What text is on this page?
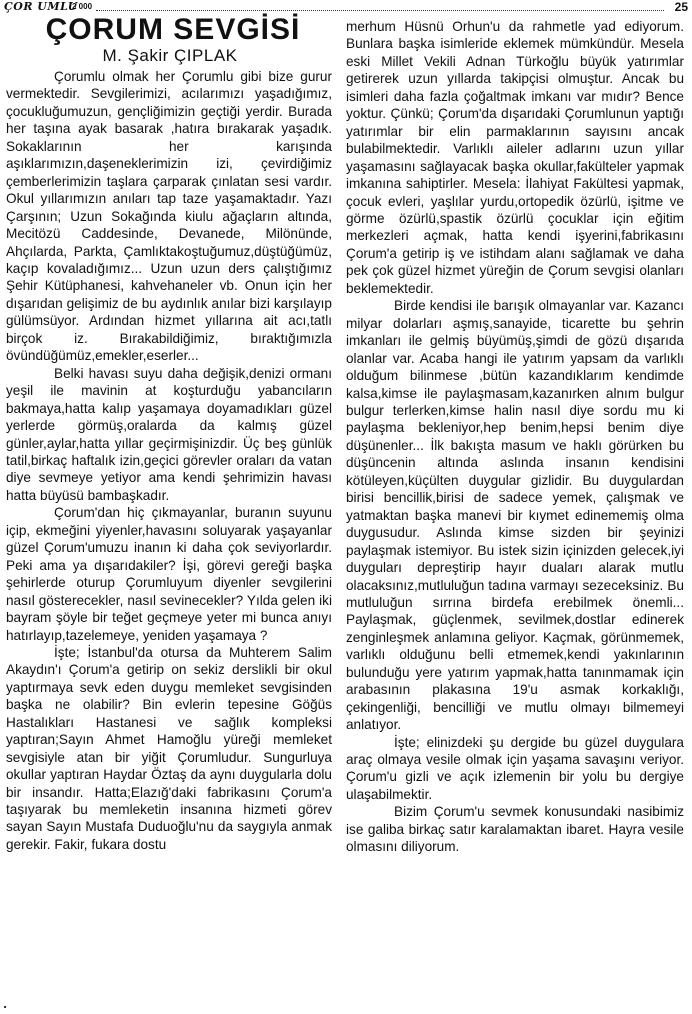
ÇOR UMLU
2 000	25
ÇORUM SEVGİSİ
M. Şakir ÇIPLAK

Çorumlu olmak her Çorumlu gibi bize gurur vermektedir. Sevgilerimizi, acılarımızı yaşadığımız, çocukluğumuzun, gençliğimizin geçtiği yerdir. Burada her taşına ayak basarak ,hatıra bırakarak yaşadık. Sokaklarının her karışında aşıklarımızın,daşeneklerimizin izi, çevirdiğimiz çemberlerimizin taşlara çarparak çınlatan sesi vardır. Okul yıllarımızın anıları tap taze yaşamaktadır. Yazı Çarşının; Uzun Sokağında kiulu ağaçların altında, Mecitözü Caddesinde, Devanede, Milönünde, Ahçılarda, Parkta, Çamlıktakoştuğumuz,düştüğümüz, kaçıp kovaladığımız... Uzun uzun ders çalıştığımız Şehir Kütüphanesi, kahvehaneler vb. Onun için her dışarıdan gelişimiz de bu aydınlık anılar bizi karşılayıp gülümsüyor. Ardından hizmet yıllarına ait acı,tatlı birçok iz. Bırakabildiğimiz, bıraktığımızla övündüğümüz,emekler,eserler...

Belki havası suyu daha değişik,denizi ormanı yeşil ile mavinin at koşturduğu yabancıların bakmaya,hatta kalıp yaşamaya doyamadıkları güzel yerlerde görmüş,oralarda da kalmış güzel günler,aylar,hatta yıllar geçirmişinizdir. Üç beş günlük tatil,birkaç haftalık izin,geçici görevler oraları da vatan diye sevmeye yetiyor ama kendi şehrimizin havası hatta büyüsü bambaşkadır.

Çorum'dan hiç çıkmayanlar, buranın suyunu içip, ekmeğini yiyenler,havasını soluyarak yaşayanlar güzel Çorum'umuzu inanın ki daha çok seviyorlardır. Peki ama ya dışarıdakiler? İşi, görevi gereği başka şehirlerde oturup Çorumluyum diyenler sevgilerini nasıl gösterecekler, nasıl sevinecekler? Yılda gelen iki bayram şöyle bir teğet geçmeye yeter mi bunca anıyı hatırlayıp,tazelemeye, yeniden yaşamaya ?

İşte; İstanbul'da otursa da Muhterem Salim Akaydın'ı Çorum'a getirip on sekiz derslikli bir okul yaptırmaya sevk eden duygu memleket sevgisinden başka ne olabilir? Bin evlerin tepesine Göğüs Hastalıkları Hastanesi ve sağlık kompleksi yaptıran;Sayın Ahmet Hamoğlu yüreği memleket sevgisiyle atan bir yiğit Çorumludur. Sungurluya okullar yaptıran Haydar Öztaş da aynı duygularla dolu bir insandır. Hatta;Elazığ'daki fabrikasını Çorum'a taşıyarak bu memleketin insanına hizmeti görev sayan Sayın Mustafa Duduoğlu'nu da saygıyla anmak gerekir. Fakir, fukara dostu

merhum Hüsnü Orhun'u da rahmetle yad ediyorum. Bunlara başka isimleride eklemek mümkündür. Mesela eski Millet Vekili Adnan Türkoğlu büyük yatırımlar getirerek uzun yıllarda takipçisi olmuştur. Ancak bu isimleri daha fazla çoğaltmak imkanı var mıdır? Bence yoktur. Çünkü; Çorum'da dışarıdaki Çorumlunun yaptığı yatırımlar bir elin parmaklarının sayısını ancak bulabilmektedir. Varlıklı aileler adlarını uzun yıllar yaşamasını sağlayacak başka okullar,fakülteler yapmak imkanına sahiptirler. Mesela: İlahiyat Fakültesi yapmak, çocuk evleri, yaşlılar yurdu,ortopedik özürlü, işitme ve görme özürlü,spastik özürlü çocuklar için eğitim merkezleri açmak, hatta kendi işyerini,fabrikasını Çorum'a getirip iş ve istihdam alanı sağlamak ve daha pek çok güzel hizmet yüreğin de Çorum sevgisi olanları beklemektedir.

Birde kendisi ile barışık olmayanlar var. Kazancı milyar dolarları aşmış,sanayide, ticarette bu şehrin imkanları ile gelmiş büyümüş,şimdi de gözü dışarıda olanlar var. Acaba hangi ile yatırım yapsam da varlıklı olduğum bilinmese ,bütün kazandıklarım kendimde kalsa,kimse ile paylaşmasam,kazanırken alnım bulgur bulgur terlerken,kimse halin nasıl diye sordu mu ki paylaşma bekleniyor,hep benim,hepsi benim diye düşünenler... İlk bakışta masum ve haklı görürken bu düşüncenin altında aslında insanın kendisini kötüleyen,küçülten duygular gizlidir. Bu duygulardan birisi bencillik,birisi de sadece yemek, çalışmak ve yatmaktan başka manevi bir kıymet edinememiş olma duygusudur. Aslında kimse sizden bir şeyinizi paylaşmak istemiyor. Bu istek sizin içinizden gelecek,iyi duyguları depreştirip hayır duaları alarak mutlu olacaksınız,mutluluğun tadına varmayı sezeceksiniz. Bu mutluluğun sırrına birdefa erebilmek önemli... Paylaşmak, güçlenmek, sevilmek,dostlar edinerek zenginleşmek anlamına geliyor. Kaçmak, görünmemek, varlıklı olduğunu belli etmemek,kendi yakınlarının bulunduğu yere yatırım yapmak,hatta tanınmamak için arabasının plakasına 19'u asmak korkaklığı, çekingenliği, bencilliği ve mutlu olmayı bilmemeyi anlatıyor.

İşte; elinizdeki şu dergide bu güzel duygulara araç olmaya vesile olmak için yaşama savaşını veriyor. Çorum'u gizli ve açık izlemenin bir yolu bu dergiye ulaşabilmektir.

Bizim Çorum'u sevmek konusundaki nasibimiz ise galiba birkaç satır karalamaktan ibaret. Hayra vesile olmasını diliyorum.
